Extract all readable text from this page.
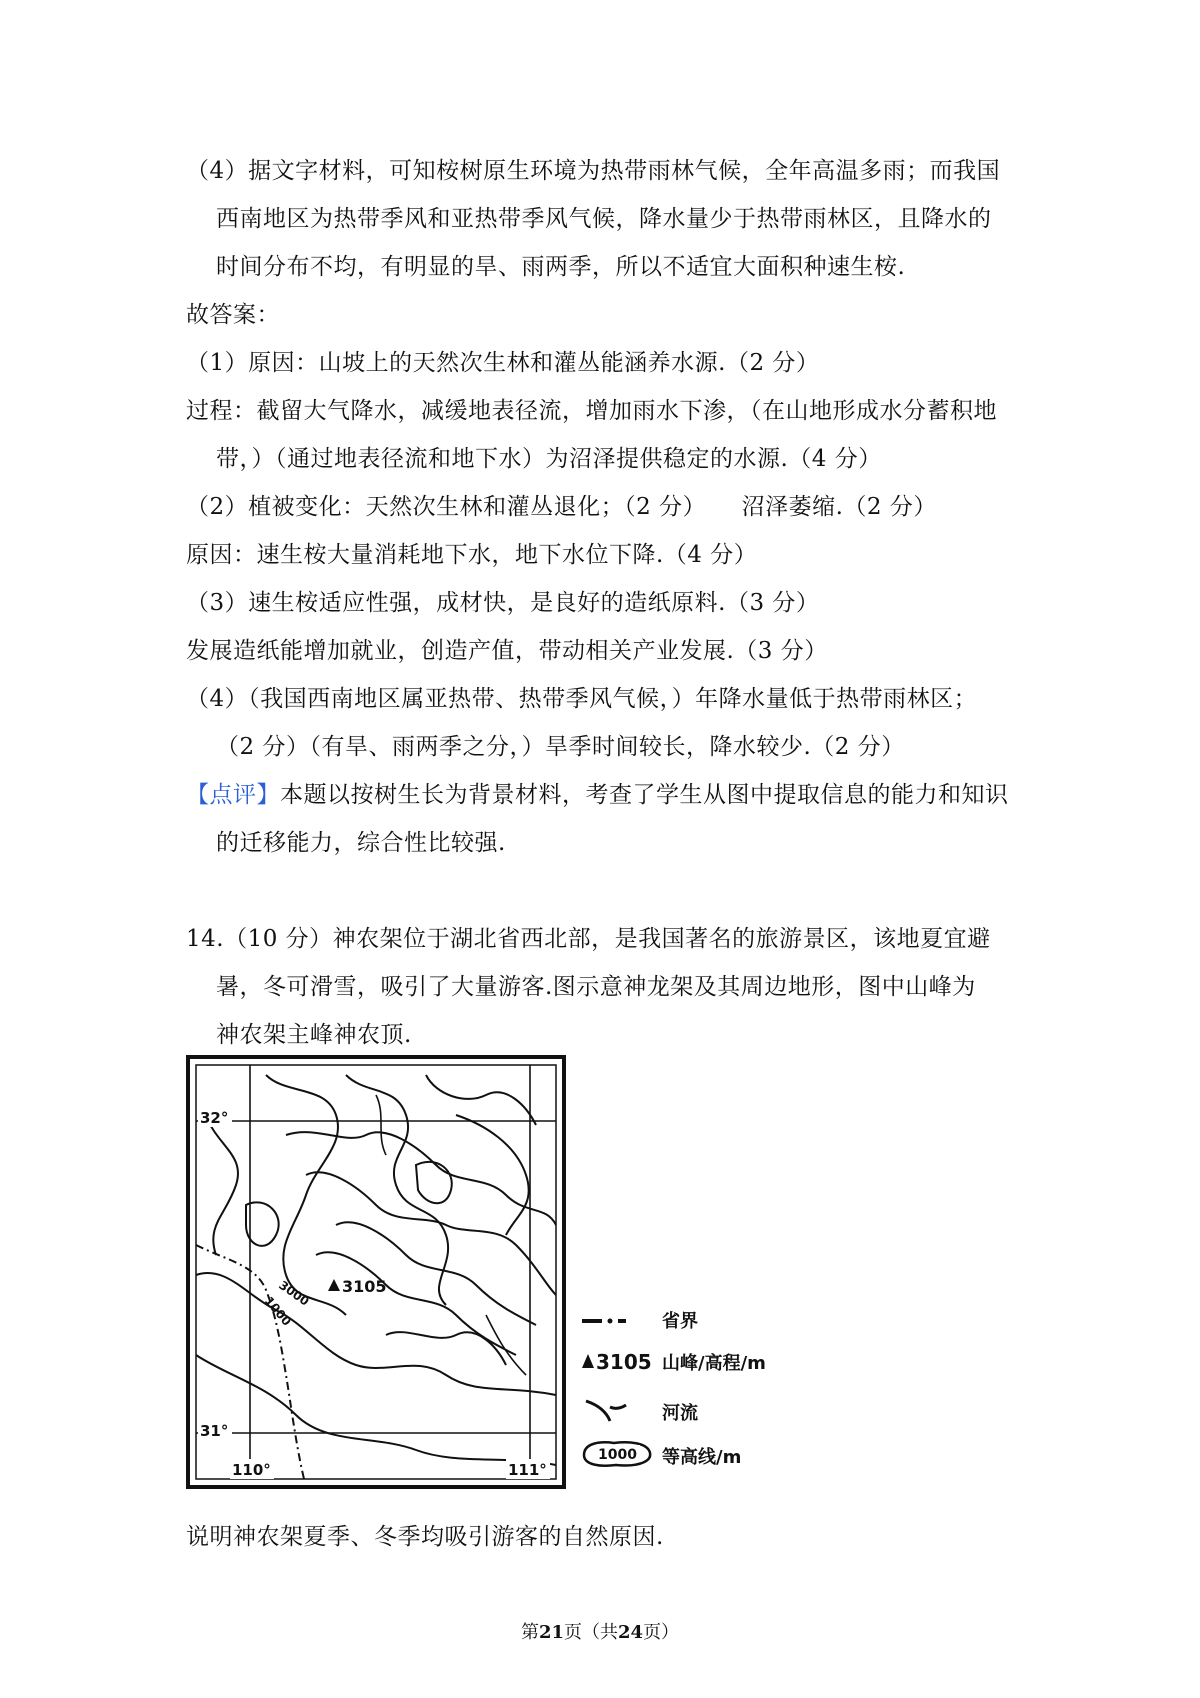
（4）据文字材料，可知桉树原生环境为热带雨林气候，全年高温多雨；而我国
西南地区为热带季风和亚热带季风气候，降水量少于热带雨林区，且降水的
时间分布不均，有明显的旱、雨两季，所以不适宜大面积种速生桉.
故答案：
（1）原因：山坡上的天然次生林和灌丛能涵养水源.（2 分）
过程：截留大气降水，减缓地表径流，增加雨水下渗，（在山地形成水分蓄积地
带，）（通过地表径流和地下水）为沼泽提供稳定的水源.（4 分）
（2）植被变化：天然次生林和灌丛退化；（2 分）　　沼泽萎缩.（2 分）
原因：速生桉大量消耗地下水，地下水位下降.（4 分）
（3）速生桉适应性强，成材快，是良好的造纸原料.（3 分）
发展造纸能增加就业，创造产值，带动相关产业发展.（3 分）
（4）（我国西南地区属亚热带、热带季风气候，）年降水量低于热带雨林区；
（2 分）（有旱、雨两季之分，）旱季时间较长，降水较少.（2 分）
【点评】本题以按树生长为背景材料，考查了学生从图中提取信息的能力和知识
的迁移能力，综合性比较强.
14.（10 分）神农架位于湖北省西北部，是我国著名的旅游景区，该地夏宜避
暑，冬可滑雪，吸引了大量游客.图示意神龙架及其周边地形，图中山峰为
神农架主峰神农顶.
3105
3000
1000
32°
31°
110°	111°
省界
3105 山峰/高程/m
河流
1000 等高线/m
说明神农架夏季、冬季均吸引游客的自然原因.
第21页（共24页）
